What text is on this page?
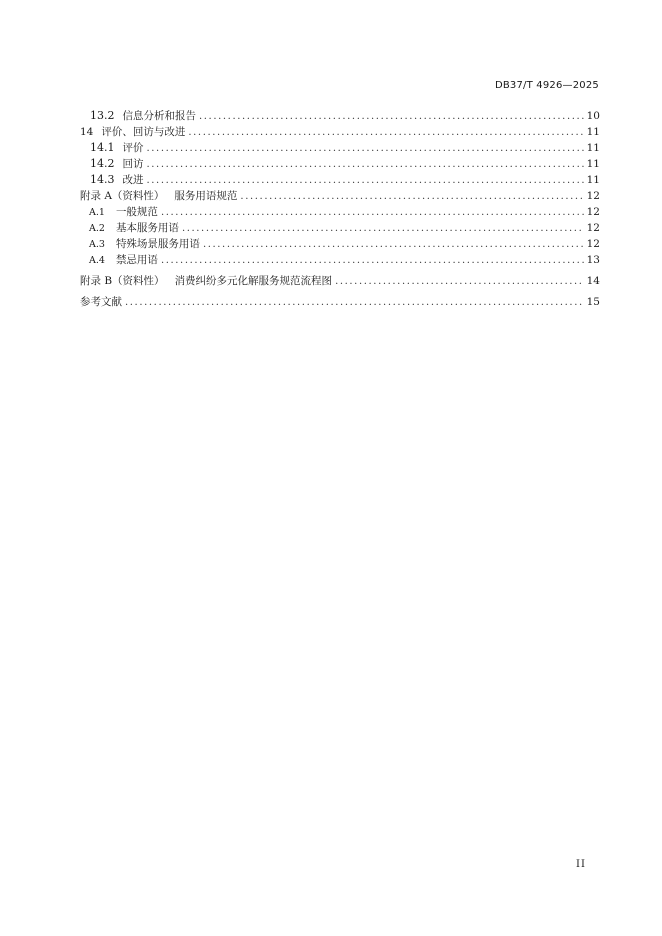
DB37/T 4926—2025
13.2 信息分析和报告 .....	10
14 评价、回访与改进 .....	11
14.1 评价 .....	11
14.2 回访 .....	11
14.3 改进 .....	11
附录 A（资料性） 服务用语规范 .....	12
A.1 一般规范 .....	12
A.2 基本服务用语 .....	12
A.3 特殊场景服务用语 .....	12
A.4 禁忌用语 .....	13
附录 B（资料性） 消费纠纷多元化解服务规范流程图 .....	14
参考文献 .....	15
II
